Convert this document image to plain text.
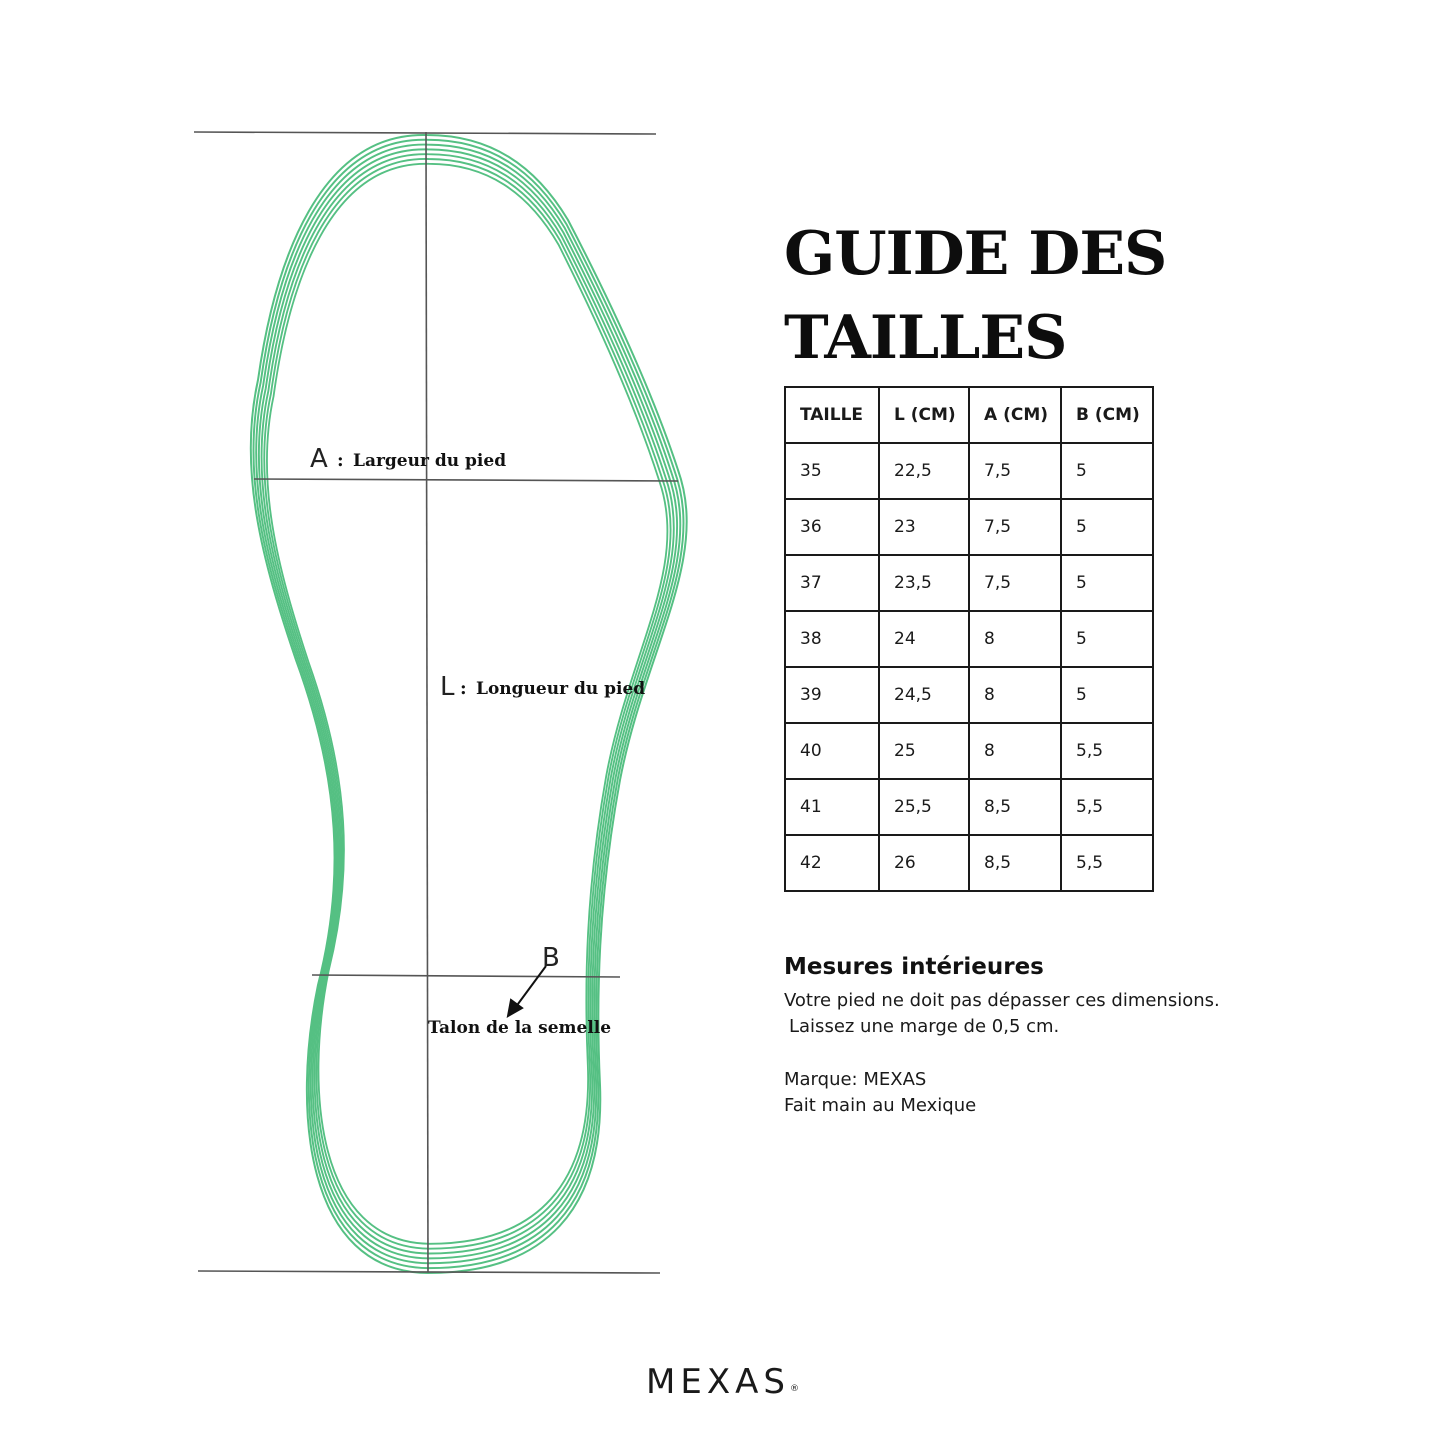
A : Largeur du pied
L : Longueur du pied
B
Talon de la semelle
GUIDE DES
TAILLES
TAILLE	L (CM)	A (CM)	B (CM)
35	22,5	7,5	5
36	23	7,5	5
37	23,5	7,5	5
38	24	8	5
39	24,5	8	5
40	25	8	5,5
41	25,5	8,5	5,5
42	26	8,5	5,5
Mesures intérieures

Votre pied ne doit pas dépasser ces dimensions.

Laissez une marge de 0,5 cm.

Marque: MEXAS

Fait main au Mexique

MEXAS®
